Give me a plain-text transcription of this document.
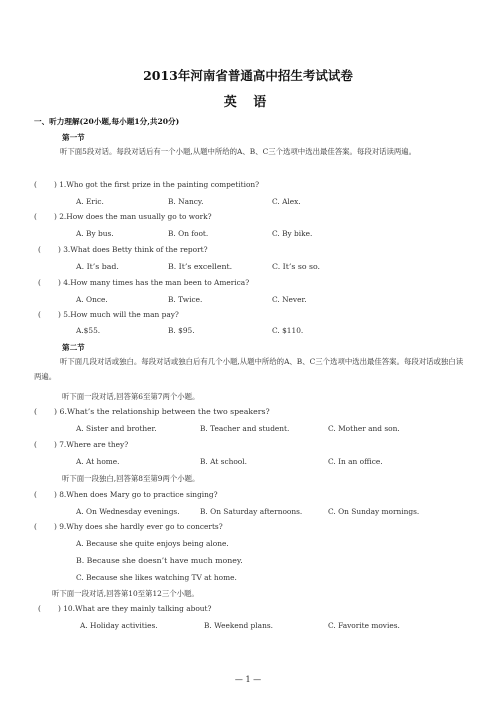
2013年河南省普通高中招生考试试卷
英 语
一、听力理解(20小题,每小题1分,共20分)
第一节
听下面5段对话。每段对话后有一个小题,从题中所给的A、B、C三个选项中选出最佳答案。每段对话读两遍。
( ) 1.Who got the first prize in the painting competition?
A. Eric.	B. Nancy.	C. Alex.
( ) 2.How does the man usually go to work?
A. By bus.	B. On foot.	C. By bike.
( ) 3.What does Betty think of the report?
A. It’s bad.	B. It’s excellent.	C. It’s so so.
( ) 4.How many times has the man been to America?
A. Once.	B. Twice.	C. Never.
( ) 5.How much will the man pay?
A.$55.	B. $95.	C. $110.
第二节
听下面几段对话或独白。每段对话或独白后有几个小题,从题中所给的A、B、C三个选项中选出最佳答案。每段对话或独白读两遍。
听下面一段对话,回答第6至第7两个小题。
( ) 6.What’s the relationship between the two speakers?
A. Sister and brother.	B. Teacher and student.	C. Mother and son.
( ) 7.Where are they?
A. At home.	B. At school.	C. In an office.
听下面一段独白,回答第8至第9两个小题。
( ) 8.When does Mary go to practice singing?
A. On Wednesday evenings.	B. On Saturday afternoons.	C. On Sunday mornings.
( ) 9.Why does she hardly ever go to concerts?
A. Because she quite enjoys being alone.
B. Because she doesn’t have much money.
C. Because she likes watching TV at home.
听下面一段对话,回答第10至第12三个小题。
( ) 10.What are they mainly talking about?
A. Holiday activities.	B. Weekend plans.	C. Favorite movies.
— 1 —
